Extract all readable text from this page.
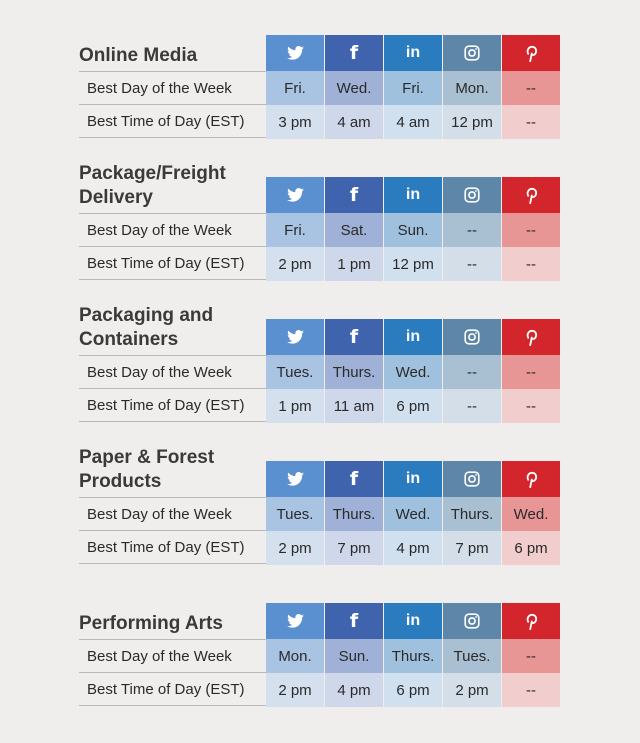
Online Media
Best Day of the Week
Best Time of Day (EST)
Fri.
3 pm
f
Wed.
4 am
in
Fri.
4 am
Mon.
12 pm
--
--
Package/Freight
Delivery
Best Day of the Week
Best Time of Day (EST)
Fri.
2 pm
f
Sat.
1 pm
in
Sun.
12 pm
--
--
--
--
Packaging and
Containers
Best Day of the Week
Best Time of Day (EST)
Tues.
1 pm
f
Thurs.
11 am
in
Wed.
6 pm
--
--
--
--
Paper & Forest
Products
Best Day of the Week
Best Time of Day (EST)
Tues.
2 pm
f
Thurs.
7 pm
in
Wed.
4 pm
Thurs.
7 pm
Wed.
6 pm
Performing Arts
Best Day of the Week
Best Time of Day (EST)
Mon.
2 pm
f
Sun.
4 pm
in
Thurs.
6 pm
Tues.
2 pm
--
--
